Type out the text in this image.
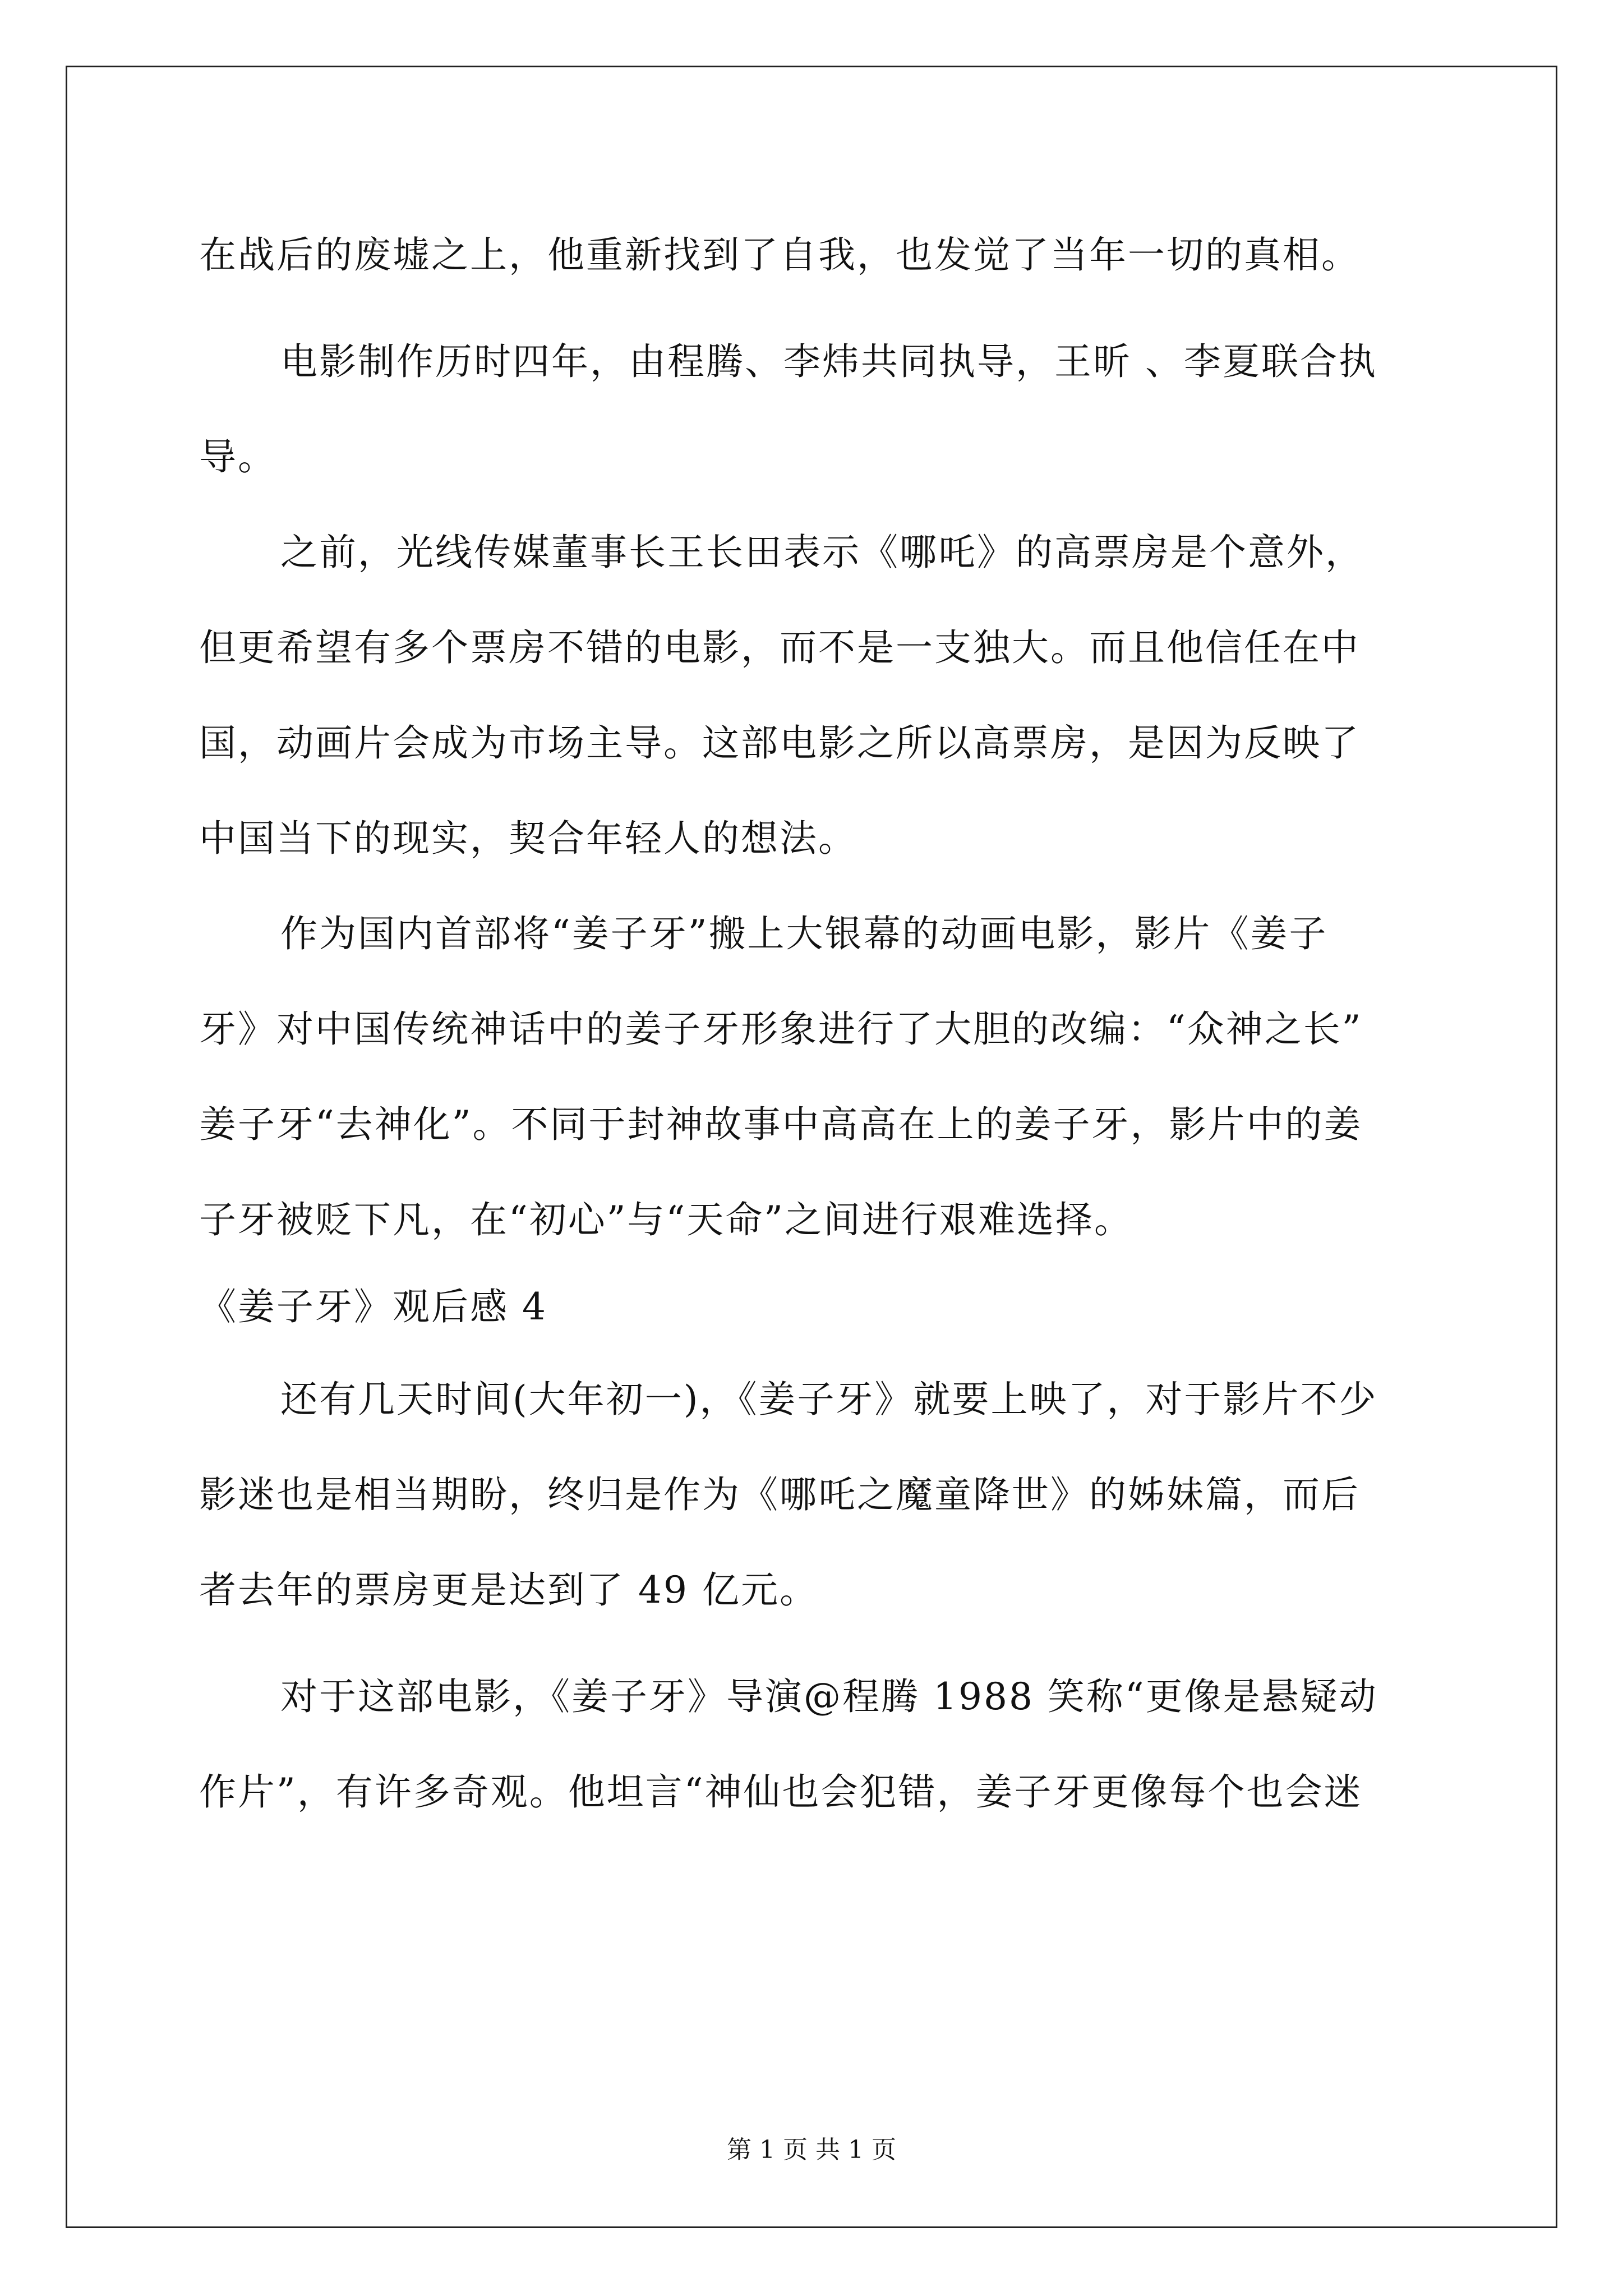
在战后的废墟之上，他重新找到了自我，也发觉了当年一切的真相。
电影制作历时四年，由程腾、李炜共同执导，王昕 、李夏联合执
导。
之前，光线传媒董事长王长田表示《哪吒》的高票房是个意外，
但更希望有多个票房不错的电影，而不是一支独大。而且他信任在中
国，动画片会成为市场主导。这部电影之所以高票房，是因为反映了
中国当下的现实，契合年轻人的想法。
作为国内首部将“姜子牙”搬上大银幕的动画电影，影片《姜子
牙》对中国传统神话中的姜子牙形象进行了大胆的改编：“众神之长”
姜子牙“去神化”。不同于封神故事中高高在上的姜子牙，影片中的姜
子牙被贬下凡，在“初心”与“天命”之间进行艰难选择。
《姜子牙》观后感 4
还有几天时间(大年初一)，《姜子牙》就要上映了，对于影片不少
影迷也是相当期盼，终归是作为《哪吒之魔童降世》的姊妹篇，而后
者去年的票房更是达到了 49 亿元。
对于这部电影，《姜子牙》导演@程腾 1988 笑称“更像是悬疑动
作片”，有许多奇观。他坦言“神仙也会犯错，姜子牙更像每个也会迷
第 1 页 共 1 页
